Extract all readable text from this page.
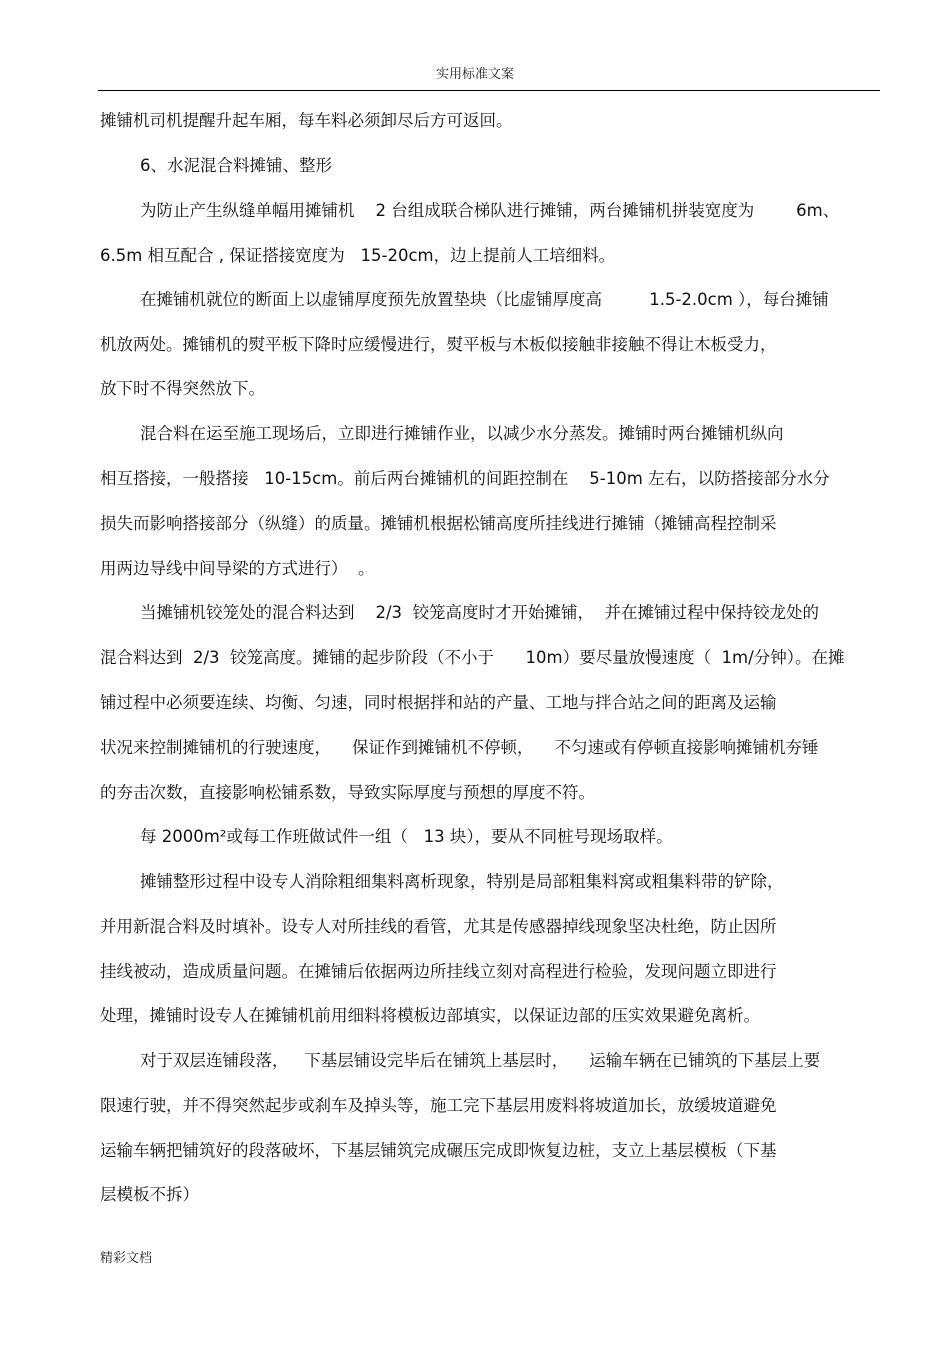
实用标准文案

摊铺机司机提醒升起车厢，每车料必须卸尽后方可返回。

6、水泥混合料摊铺、整形

为防止产生纵缝单幅用摊铺机    2 台组成联合梯队进行摊铺，两台摊铺机拼装宽度为        6m、

6.5m 相互配合 , 保证搭接宽度为   15-20cm，边上提前人工培细料。

在摊铺机就位的断面上以虚铺厚度预先放置垫块（比虚铺厚度高         1.5-2.0cm ），每台摊铺

机放两处。摊铺机的熨平板下降时应缓慢进行，熨平板与木板似接触非接触不得让木板受力，

放下时不得突然放下。

混合料在运至施工现场后，立即进行摊铺作业，以减少水分蒸发。摊铺时两台摊铺机纵向

相互搭接，一般搭接   10-15cm。前后两台摊铺机的间距控制在    5-10m 左右，以防搭接部分水分

损失而影响搭接部分（纵缝）的质量。摊铺机根据松铺高度所挂线进行摊铺（摊铺高程控制采

用两边导线中间导梁的方式进行）  。

当摊铺机铰笼处的混合料达到    2/3  铰笼高度时才开始摊铺，  并在摊铺过程中保持铰龙处的

混合料达到  2/3  铰笼高度。摊铺的起步阶段（不小于      10m）要尽量放慢速度（  1m/分钟）。在摊

铺过程中必须要连续、均衡、匀速，同时根据拌和站的产量、工地与拌合站之间的距离及运输

状况来控制摊铺机的行驶速度，    保证作到摊铺机不停顿，    不匀速或有停顿直接影响摊铺机夯锤

的夯击次数，直接影响松铺系数，导致实际厚度与预想的厚度不符。

每 2000m²或每工作班做试件一组（   13 块），要从不同桩号现场取样。

摊铺整形过程中设专人消除粗细集料离析现象，特别是局部粗集料窝或粗集料带的铲除，

并用新混合料及时填补。设专人对所挂线的看管，尤其是传感器掉线现象坚决杜绝，防止因所

挂线被动，造成质量问题。在摊铺后依据两边所挂线立刻对高程进行检验，发现问题立即进行

处理，摊铺时设专人在摊铺机前用细料将模板边部填实，以保证边部的压实效果避免离析。

对于双层连铺段落，   下基层铺设完毕后在铺筑上基层时，    运输车辆在已铺筑的下基层上要

限速行驶，并不得突然起步或刹车及掉头等，施工完下基层用废料将坡道加长，放缓坡道避免

运输车辆把铺筑好的段落破坏，下基层铺筑完成碾压完成即恢复边桩，支立上基层模板（下基

层模板不拆）

精彩文档
